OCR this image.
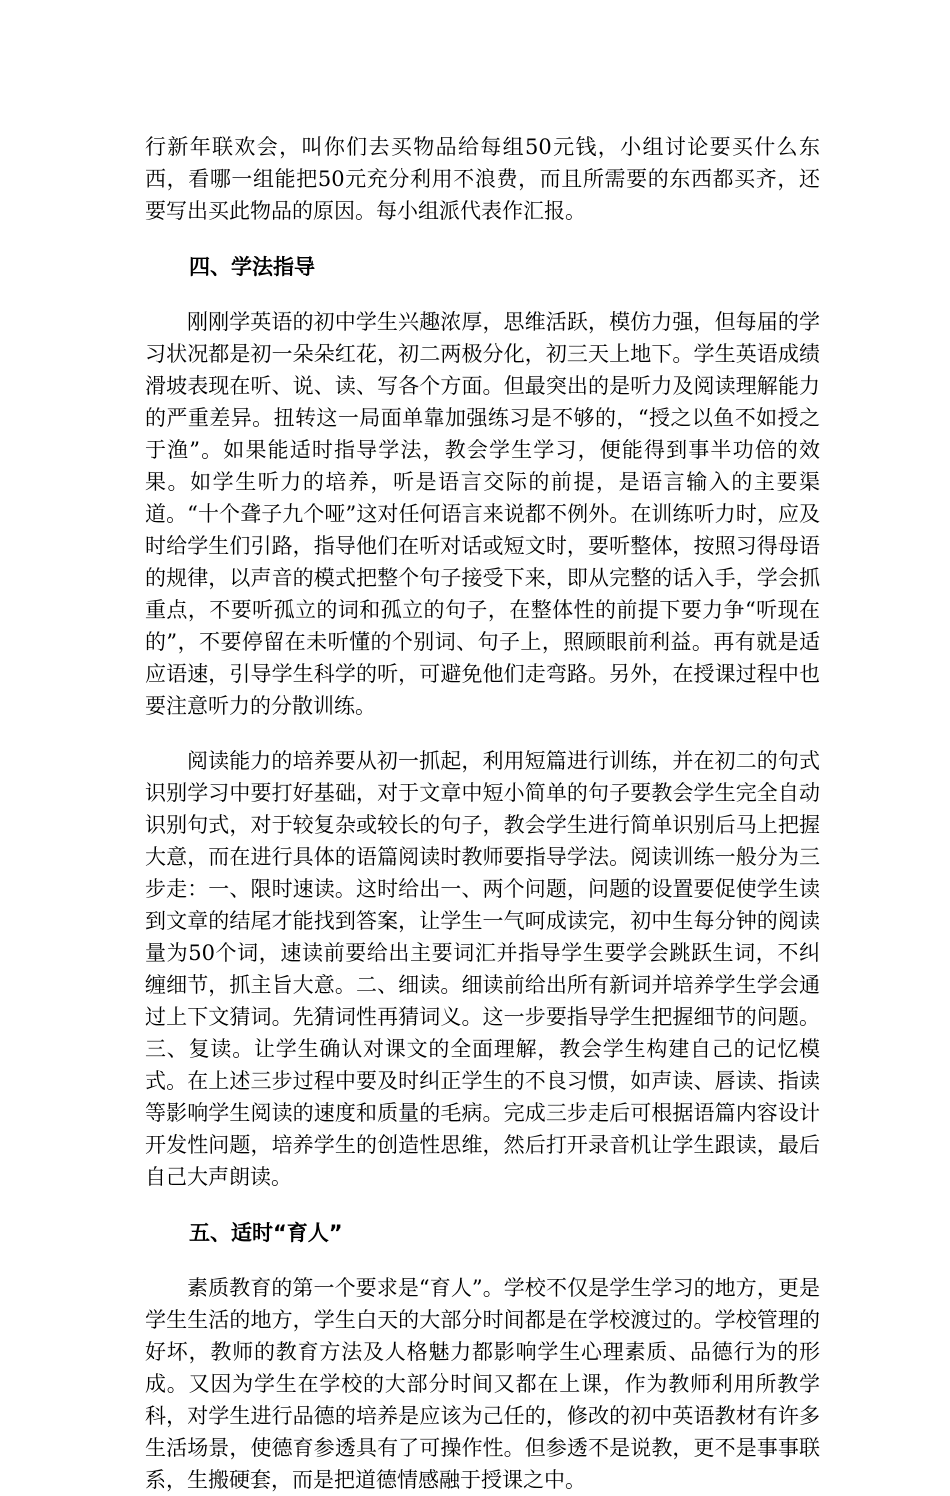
行新年联欢会，叫你们去买物品给每组50元钱，小组讨论要买什么东西，看哪一组能把50元充分利用不浪费，而且所需要的东西都买齐，还要写出买此物品的原因。每小组派代表作汇报。

四、学法指导

刚刚学英语的初中学生兴趣浓厚，思维活跃，模仿力强，但每届的学习状况都是初一朵朵红花，初二两极分化，初三天上地下。学生英语成绩滑坡表现在听、说、读、写各个方面。但最突出的是听力及阅读理解能力的严重差异。扭转这一局面单靠加强练习是不够的，“授之以鱼不如授之于渔”。如果能适时指导学法，教会学生学习，便能得到事半功倍的效果。如学生听力的培养，听是语言交际的前提，是语言输入的主要渠道。“十个聋子九个哑”这对任何语言来说都不例外。在训练听力时，应及时给学生们引路，指导他们在听对话或短文时，要听整体，按照习得母语的规律，以声音的模式把整个句子接受下来，即从完整的话入手，学会抓重点，不要听孤立的词和孤立的句子，在整体性的前提下要力争“听现在的”，不要停留在未听懂的个别词、句子上，照顾眼前利益。再有就是适应语速，引导学生科学的听，可避免他们走弯路。另外，在授课过程中也要注意听力的分散训练。

阅读能力的培养要从初一抓起，利用短篇进行训练，并在初二的句式识别学习中要打好基础，对于文章中短小简单的句子要教会学生完全自动识别句式，对于较复杂或较长的句子，教会学生进行简单识别后马上把握大意，而在进行具体的语篇阅读时教师要指导学法。阅读训练一般分为三步走：一、限时速读。这时给出一、两个问题，问题的设置要促使学生读到文章的结尾才能找到答案，让学生一气呵成读完，初中生每分钟的阅读量为50个词，速读前要给出主要词汇并指导学生要学会跳跃生词，不纠缠细节，抓主旨大意。二、细读。细读前给出所有新词并培养学生学会通过上下文猜词。先猜词性再猜词义。这一步要指导学生把握细节的问题。三、复读。让学生确认对课文的全面理解，教会学生构建自己的记忆模式。在上述三步过程中要及时纠正学生的不良习惯，如声读、唇读、指读等影响学生阅读的速度和质量的毛病。完成三步走后可根据语篇内容设计开发性问题，培养学生的创造性思维，然后打开录音机让学生跟读，最后自己大声朗读。

五、适时“育人”

素质教育的第一个要求是“育人”。学校不仅是学生学习的地方，更是学生生活的地方，学生白天的大部分时间都是在学校渡过的。学校管理的好坏，教师的教育方法及人格魅力都影响学生心理素质、品德行为的形成。又因为学生在学校的大部分时间又都在上课，作为教师利用所教学科，对学生进行品德的培养是应该为己任的，修改的初中英语教材有许多生活场景，使德育参透具有了可操作性。但参透不是说教，更不是事事联系，生搬硬套，而是把道德情感融于授课之中。
